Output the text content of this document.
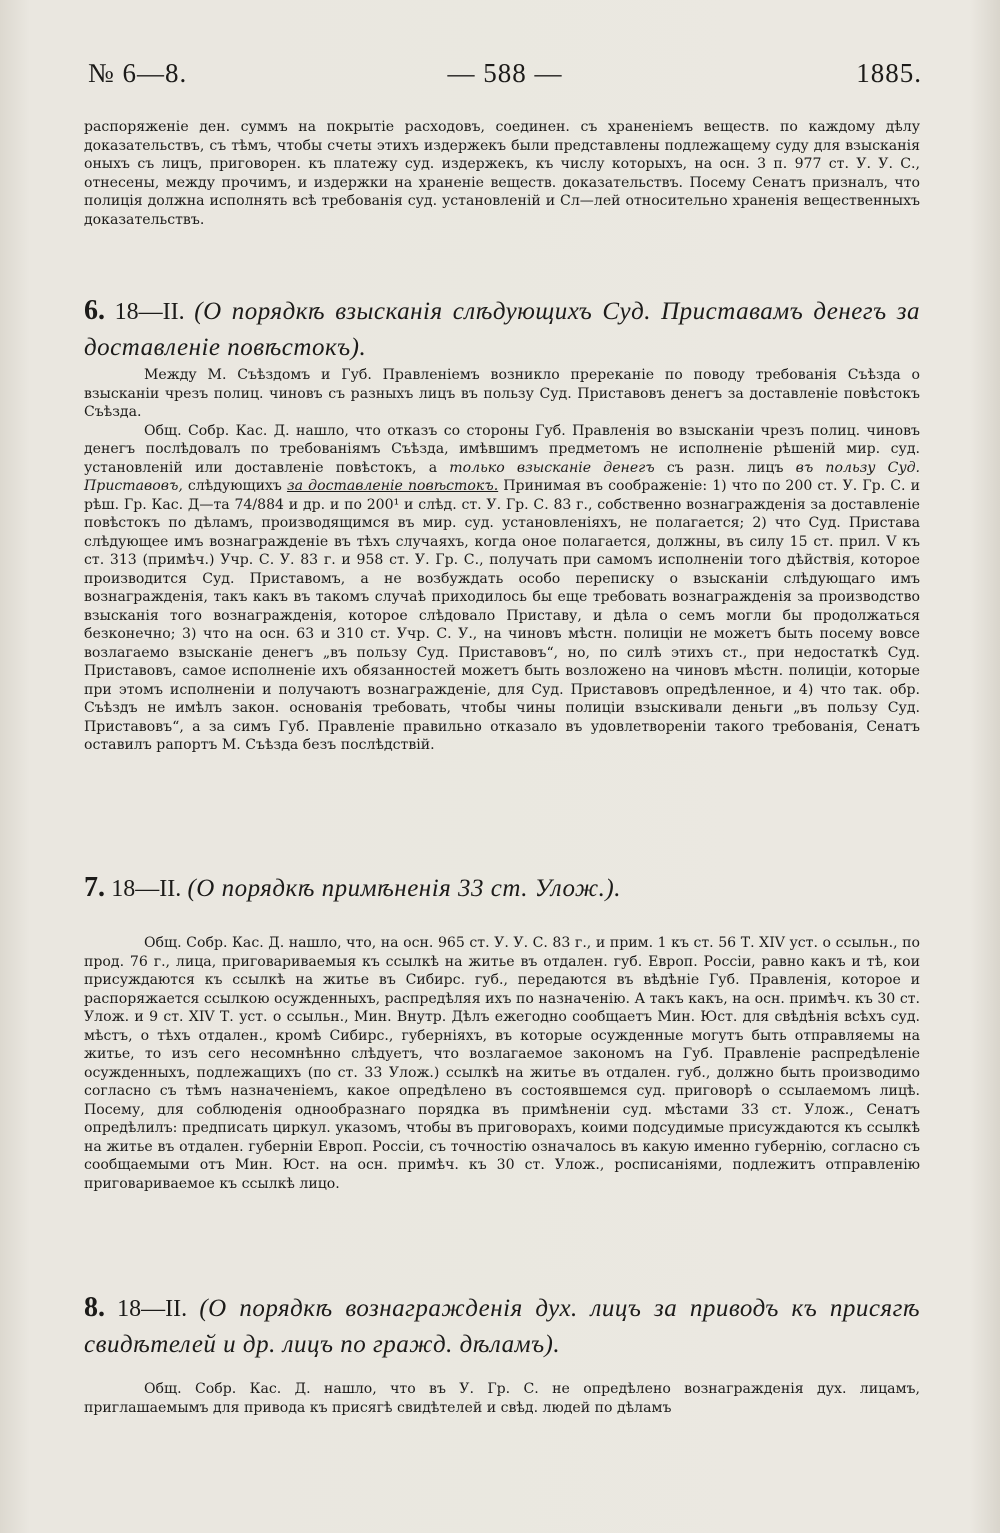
№ 6—8.	— 588 —	1885.

распоряженіе ден. суммъ на покрытіе расходовъ, соединен. съ храненіемъ веществ. по каждому дѣлу доказательствъ, съ тѣмъ, чтобы счеты этихъ издержекъ были представлены подлежащему суду для взысканія оныхъ съ лицъ, приговорен. къ платежу суд. издержекъ, къ числу которыхъ, на осн. 3 п. 977 ст. У. У. С., отнесены, между прочимъ, и издержки на храненіе веществ. доказательствъ. Посему Сенатъ призналъ, что полиція должна исполнять всѣ требованія суд. установленій и Сл—лей относительно храненія вещественныхъ доказательствъ.

6. 18—II. (О порядкѣ взысканія слѣдующихъ Суд. Приставамъ денегъ за доставленіе повѣстокъ).

Между М. Съѣздомъ и Губ. Правленіемъ возникло пререканіе по поводу требованія Съѣзда о взысканіи чрезъ полиц. чиновъ съ разныхъ лицъ въ пользу Суд. Приставовъ денегъ за доставленіе повѣстокъ Съѣзда.

Общ. Собр. Кас. Д. нашло, что отказъ со стороны Губ. Правленія во взысканіи чрезъ полиц. чиновъ денегъ послѣдовалъ по требованіямъ Съѣзда, имѣвшимъ предметомъ не исполненіе рѣшеній мир. суд. установленій или доставленіе повѣстокъ, а только взысканіе денегъ съ разн. лицъ въ пользу Суд. Приставовъ, слѣдующихъ за доставленіе повѣстокъ. Принимая въ соображеніе: 1) что по 200 ст. У. Гр. С. и рѣш. Гр. Кас. Д—та 74/884 и др. и по 200¹ и слѣд. ст. У. Гр. С. 83 г., собственно вознагражденія за доставленіе повѣстокъ по дѣламъ, производящимся въ мир. суд. установленіяхъ, не полагается; 2) что Суд. Пристава слѣдующее имъ вознагражденіе въ тѣхъ случаяхъ, когда оное полагается, должны, въ силу 15 ст. прил. V къ ст. 313 (примѣч.) Учр. С. У. 83 г. и 958 ст. У. Гр. С., получать при самомъ исполненіи того дѣйствія, которое производится Суд. Приставомъ, а не возбуждать особо переписку о взысканіи слѣдующаго имъ вознагражденія, такъ какъ въ такомъ случаѣ приходилось бы еще требовать вознагражденія за производство взысканія того вознагражденія, которое слѣдовало Приставу, и дѣла о семъ могли бы продолжаться безконечно; 3) что на осн. 63 и 310 ст. Учр. С. У., на чиновъ мѣстн. полиціи не можетъ быть посему вовсе возлагаемо взысканіе денегъ „въ пользу Суд. Приставовъ“, но, по силѣ этихъ ст., при недостаткѣ Суд. Приставовъ, самое исполненіе ихъ обязанностей можетъ быть возложено на чиновъ мѣстн. полиціи, которые при этомъ исполненіи и получаютъ вознагражденіе, для Суд. Приставовъ опредѣленное, и 4) что так. обр. Съѣздъ не имѣлъ закон. основанія требовать, чтобы чины полиціи взыскивали деньги „въ пользу Суд. Приставовъ“, а за симъ Губ. Правленіе правильно отказало въ удовлетвореніи такого требованія, Сенатъ оставилъ рапортъ М. Съѣзда безъ послѣдствій.

7. 18—II. (О порядкѣ примѣненія 33 ст. Улож.).

Общ. Собр. Кас. Д. нашло, что, на осн. 965 ст. У. У. С. 83 г., и прим. 1 къ ст. 56 Т. XIV уст. о ссыльн., по прод. 76 г., лица, приговариваемыя къ ссылкѣ на житье въ отдален. губ. Европ. Россіи, равно какъ и тѣ, кои присуждаются къ ссылкѣ на житье въ Сибирс. губ., передаются въ вѣдѣніе Губ. Правленія, которое и распоряжается ссылкою осужденныхъ, распредѣляя ихъ по назначенію. А такъ какъ, на осн. примѣч. къ 30 ст. Улож. и 9 ст. XIV Т. уст. о ссыльн., Мин. Внутр. Дѣлъ ежегодно сообщаетъ Мин. Юст. для свѣдѣнія всѣхъ суд. мѣстъ, о тѣхъ отдален., кромѣ Сибирс., губерніяхъ, въ которые осужденные могутъ быть отправляемы на житье, то изъ сего несомнѣнно слѣдуетъ, что возлагаемое закономъ на Губ. Правленіе распредѣленіе осужденныхъ, подлежащихъ (по ст. 33 Улож.) ссылкѣ на житье въ отдален. губ., должно быть производимо согласно съ тѣмъ назначеніемъ, какое опредѣлено въ состоявшемся суд. приговорѣ о ссылаемомъ лицѣ. Посему, для соблюденія однообразнаго порядка въ примѣненіи суд. мѣстами 33 ст. Улож., Сенатъ опредѣлилъ: предписать циркул. указомъ, чтобы въ приговорахъ, коими подсудимые присуждаются къ ссылкѣ на житье въ отдален. губерніи Европ. Россіи, съ точностію означалось въ какую именно губернію, согласно съ сообщаемыми отъ Мин. Юст. на осн. примѣч. къ 30 ст. Улож., росписаніями, подлежитъ отправленію приговариваемое къ ссылкѣ лицо.

8. 18—II. (О порядкѣ вознагражденія дух. лицъ за приводъ къ присягѣ свидѣтелей и др. лицъ по гражд. дѣламъ).

Общ. Собр. Кас. Д. нашло, что въ У. Гр. С. не опредѣлено вознагражденія дух. лицамъ, приглашаемымъ для привода къ присягѣ свидѣтелей и свѣд. людей по дѣламъ
